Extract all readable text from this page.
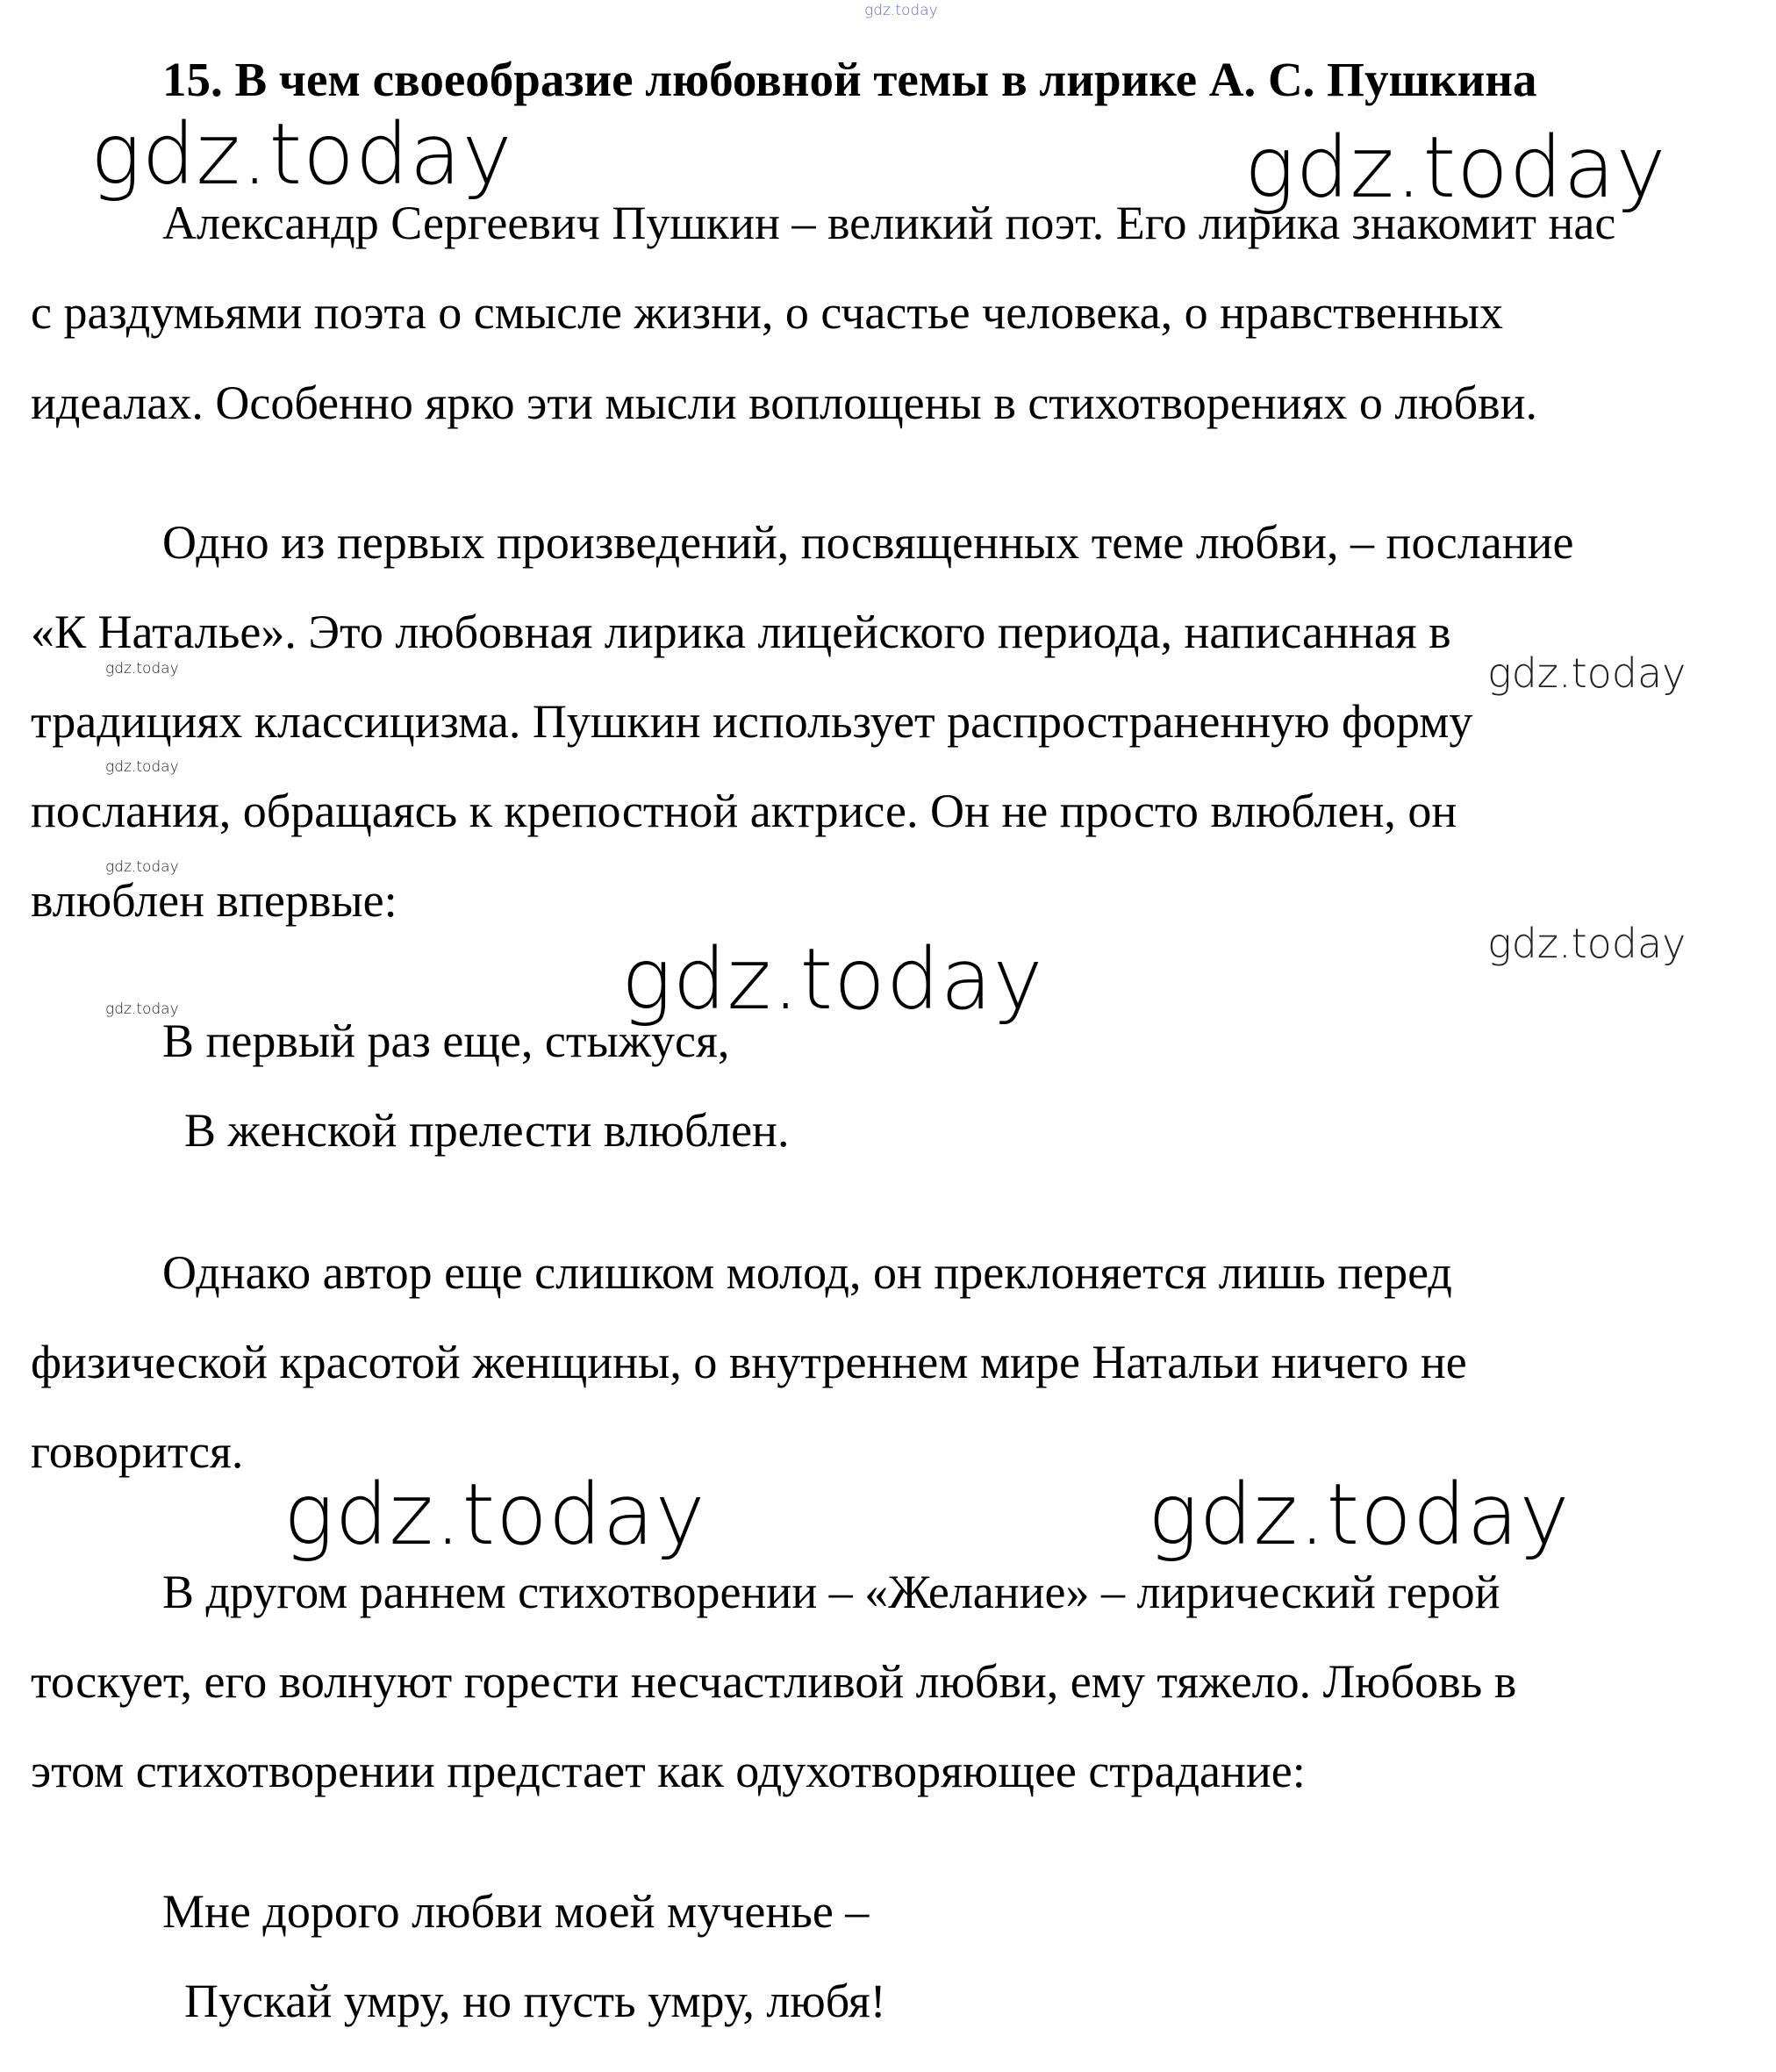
gdz.today
15. В чем своеобразие любовной темы в лирике А. С. Пушкина
gdz.today	gdz.today
Александр Сергеевич Пушкин – великий поэт. Его лирика знакомит нас
с раздумьями поэта о смысле жизни, о счастье человека, о нравственных
идеалах. Особенно ярко эти мысли воплощены в стихотворениях о любви.
Одно из первых произведений, посвященных теме любви, – послание
«К Наталье». Это любовная лирика лицейского периода, написанная в
gdz.today	gdz.today
традициях классицизма. Пушкин использует распространенную форму
gdz.today
послания, обращаясь к крепостной актрисе. Он не просто влюблен, он
gdz.today
влюблен впервые:
gdz.today
gdz.today
gdz.today
В первый раз еще, стыжуся,
В женской прелести влюблен.
Однако автор еще слишком молод, он преклоняется лишь перед
физической красотой женщины, о внутреннем мире Натальи ничего не
говорится.
gdz.today	gdz.today
В другом раннем стихотворении – «Желание» – лирический герой
тоскует, его волнуют горести несчастливой любви, ему тяжело. Любовь в
этом стихотворении предстает как одухотворяющее страдание:
Мне дорого любви моей мученье –
Пускай умру, но пусть умру, любя!
